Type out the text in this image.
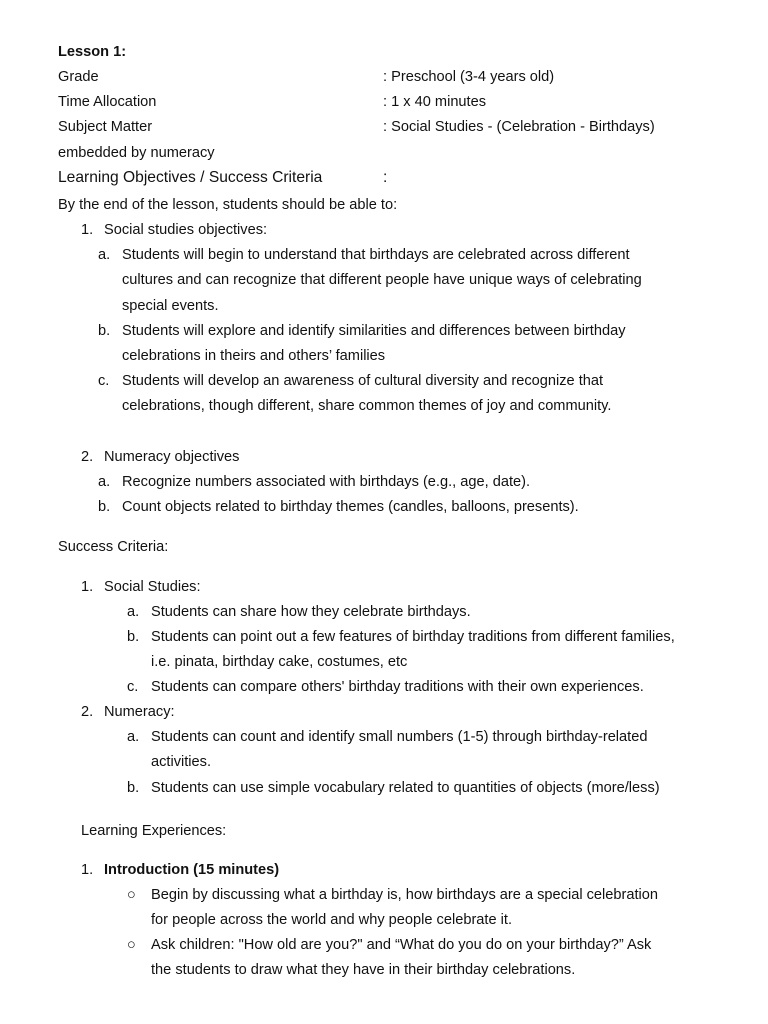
Lesson 1:
Grade	: Preschool (3-4 years old)
Time Allocation	: 1 x 40 minutes
Subject Matter	: Social Studies - (Celebration - Birthdays)
embedded by numeracy
Learning Objectives / Success Criteria	:
By the end of the lesson, students should be able to:
1. Social studies objectives:
a. Students will begin to understand that birthdays are celebrated across different
cultures and can recognize that different people have unique ways of celebrating
special events.
b. Students will explore and identify similarities and differences between birthday
celebrations in theirs and others’ families
c. Students will develop an awareness of cultural diversity and recognize that
celebrations, though different, share common themes of joy and community.
2. Numeracy objectives
a. Recognize numbers associated with birthdays (e.g., age, date).
b. Count objects related to birthday themes (candles, balloons, presents).
Success Criteria:
1. Social Studies:
a. Students can share how they celebrate birthdays.
b. Students can point out a few features of birthday traditions from different families,
i.e. pinata, birthday cake, costumes, etc
c. Students can compare others' birthday traditions with their own experiences.
2. Numeracy:
a. Students can count and identify small numbers (1-5) through birthday-related
activities.
b. Students can use simple vocabulary related to quantities of objects (more/less)
Learning Experiences:
1. Introduction (15 minutes)
○ Begin by discussing what a birthday is, how birthdays are a special celebration
for people across the world and why people celebrate it.
○ Ask children: "How old are you?" and “What do you do on your birthday?” Ask
the students to draw what they have in their birthday celebrations.
